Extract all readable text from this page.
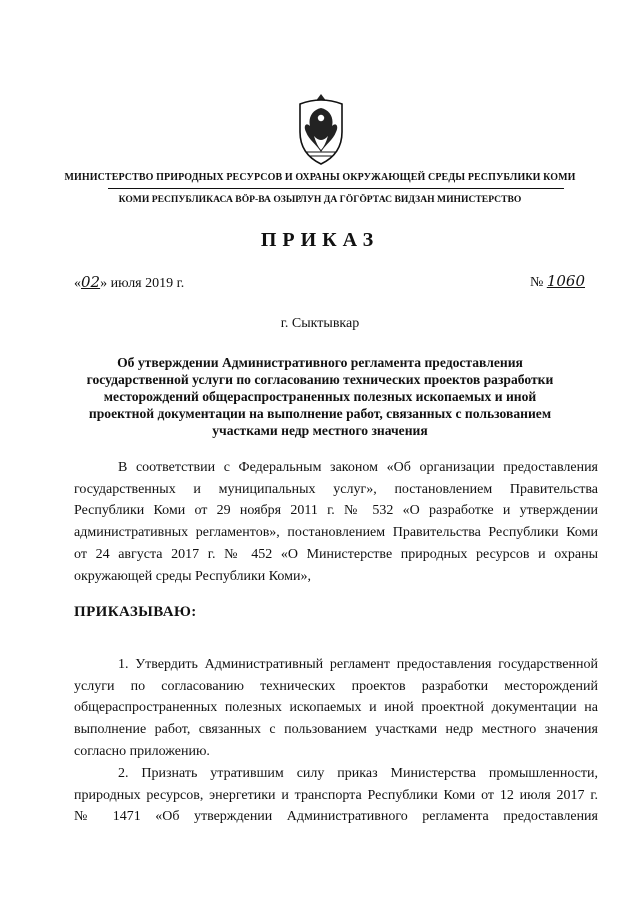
МИНИСТЕРСТВО ПРИРОДНЫХ РЕСУРСОВ И ОХРАНЫ ОКРУЖАЮЩЕЙ СРЕДЫ РЕСПУБЛИКИ КОМИ
КОМИ РЕСПУБЛИКАСА ВӦР-ВА ОЗЫРЛУН ДА ГӦГӦРТАС ВИДЗАН МИНИСТЕРСТВО
ПРИКАЗ
«02» июля 2019 г.	№ 1060
г. Сыктывкар
Об утверждении Административного регламента предоставления
государственной услуги по согласованию технических проектов разработки
месторождений общераспространенных полезных ископаемых и иной
проектной документации на выполнение работ, связанных с пользованием
участками недр местного значения
В соответствии с Федеральным законом «Об организации предоставления
государственных и муниципальных услуг», постановлением Правительства
Республики Коми от 29 ноября 2011 г. № 532 «О разработке и утверждении
административных регламентов», постановлением Правительства Республики Коми
от 24 августа 2017 г. № 452 «О Министерстве природных ресурсов и охраны
окружающей среды Республики Коми»,
ПРИКАЗЫВАЮ:
1. Утвердить Административный регламент предоставления государственной
услуги по согласованию технических проектов разработки месторождений
общераспространенных полезных ископаемых и иной проектной документации на
выполнение работ, связанных с пользованием участками недр местного значения
согласно приложению.
2. Признать утратившим силу приказ Министерства промышленности,
природных ресурсов, энергетики и транспорта Республики Коми от 12 июля 2017 г.
№ 1471 «Об утверждении Административного регламента предоставления
